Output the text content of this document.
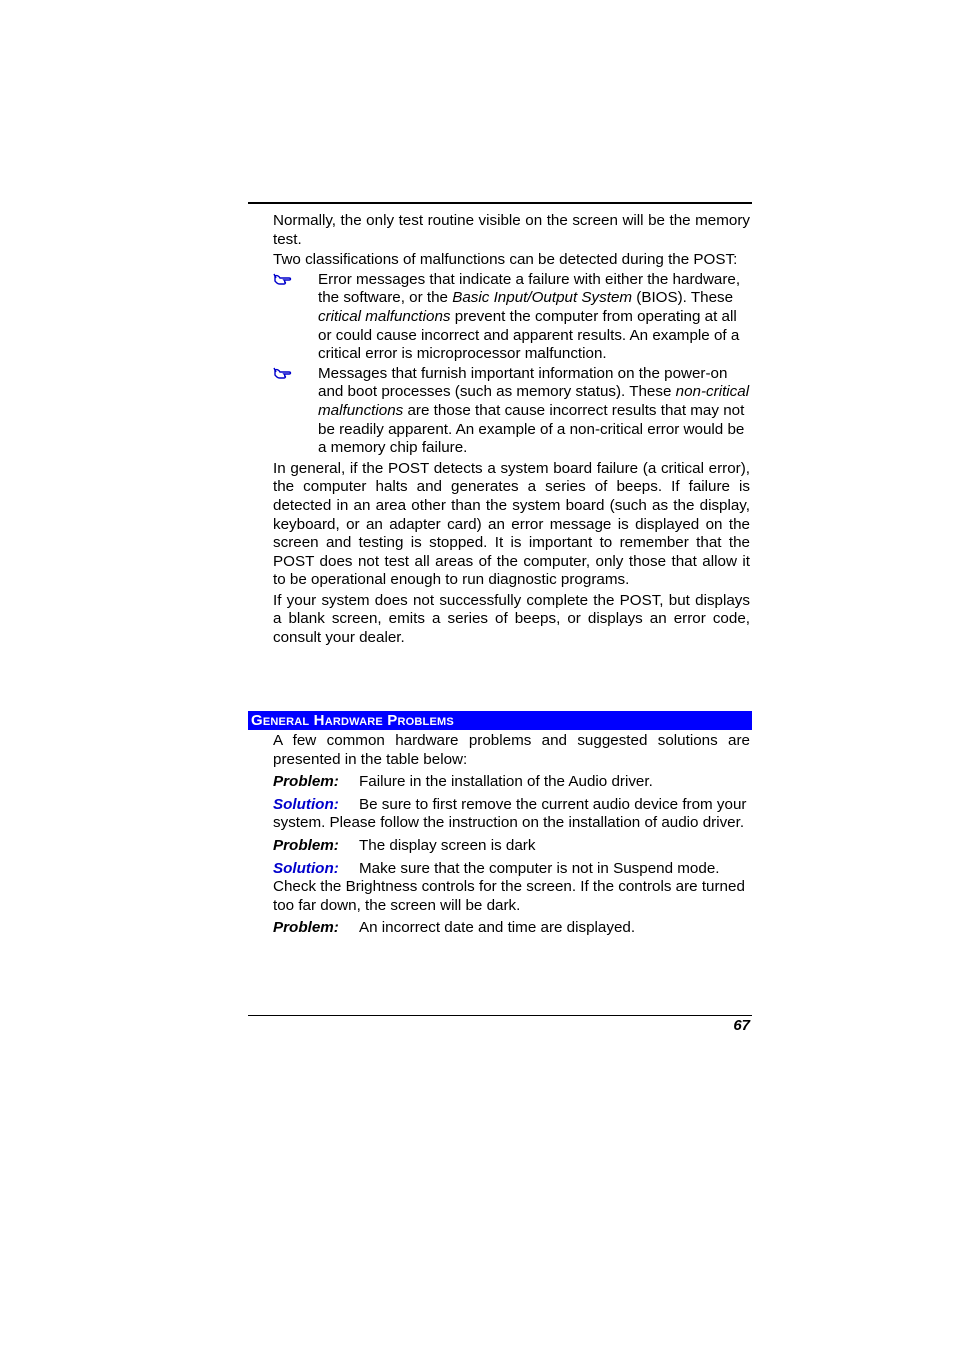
Normally, the only test routine visible on the screen will be the memory test.

Two classifications of malfunctions can be detected during the POST:

Error messages that indicate a failure with either the hardware, the software, or the Basic Input/Output System (BIOS). These critical malfunctions prevent the computer from operating at all or could cause incorrect and apparent results. An example of a critical error is microprocessor malfunction.
Messages that furnish important information on the power-on and boot processes (such as memory status). These non-critical malfunctions are those that cause incorrect results that may not be readily apparent. An example of a non-critical error would be a memory chip failure.

In general, if the POST detects a system board failure (a critical error), the computer halts and generates a series of beeps. If failure is detected in an area other than the system board (such as the display, keyboard, or an adapter card) an error message is displayed on the screen and testing is stopped. It is important to remember that the POST does not test all areas of the computer, only those that allow it to be operational enough to run diagnostic programs.

If your system does not successfully complete the POST, but displays a blank screen, emits a series of beeps, or displays an error code, consult your dealer.

General Hardware Problems

A few common hardware problems and suggested solutions are presented in the table below:

Problem: Failure in the installation of the Audio driver.

Solution: Be sure to first remove the current audio device from your system. Please follow the instruction on the installation of audio driver.

Problem: The display screen is dark

Solution: Make sure that the computer is not in Suspend mode. Check the Brightness controls for the screen. If the controls are turned too far down, the screen will be dark.

Problem: An incorrect date and time are displayed.

67
